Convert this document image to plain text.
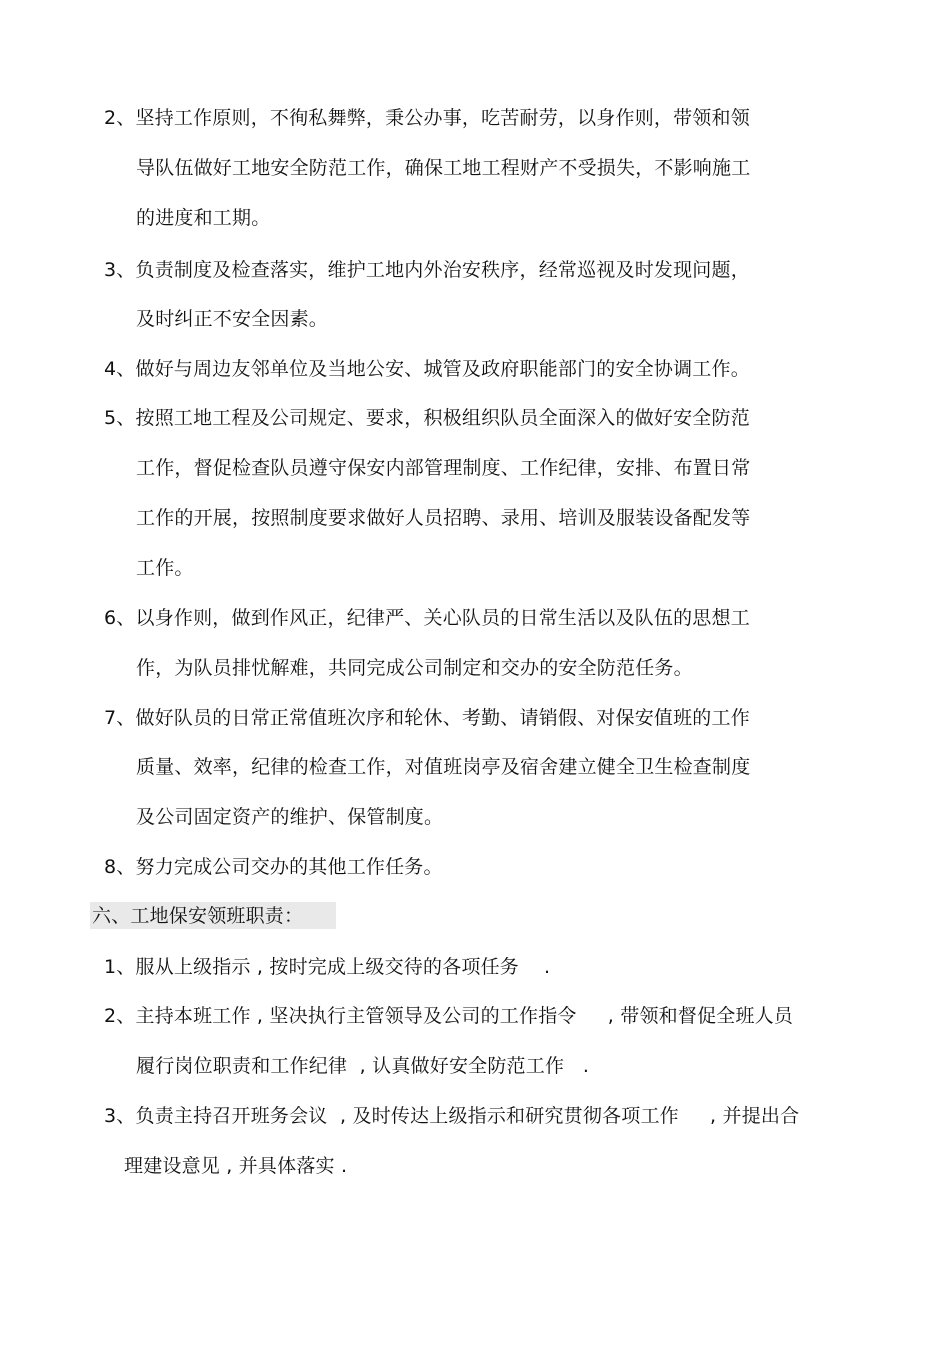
2、坚持工作原则，不徇私舞弊，秉公办事，吃苦耐劳，以身作则，带领和领
导队伍做好工地安全防范工作，确保工地工程财产不受损失，不影响施工
的进度和工期。
3、负责制度及检查落实，维护工地内外治安秩序，经常巡视及时发现问题，
及时纠正不安全因素。
4、做好与周边友邻单位及当地公安、城管及政府职能部门的安全协调工作。
5、按照工地工程及公司规定、要求，积极组织队员全面深入的做好安全防范
工作，督促检查队员遵守保安内部管理制度、工作纪律，安排、布置日常
工作的开展，按照制度要求做好人员招聘、录用、培训及服装设备配发等
工作。
6、以身作则，做到作风正，纪律严、关心队员的日常生活以及队伍的思想工
作，为队员排忧解难，共同完成公司制定和交办的安全防范任务。
7、做好队员的日常正常值班次序和轮休、考勤、请销假、对保安值班的工作
质量、效率，纪律的检查工作，对值班岗亭及宿舍建立健全卫生检查制度
及公司固定资产的维护、保管制度。
8、努力完成公司交办的其他工作任务。
六、工地保安领班职责：
1、服从上级指示 , 按时完成上级交待的各项任务    .
2、主持本班工作 , 坚决执行主管领导及公司的工作指令     , 带领和督促全班人员
履行岗位职责和工作纪律  , 认真做好安全防范工作   .
3、负责主持召开班务会议  , 及时传达上级指示和研究贯彻各项工作     , 并提出合
理建设意见 , 并具体落实 .
